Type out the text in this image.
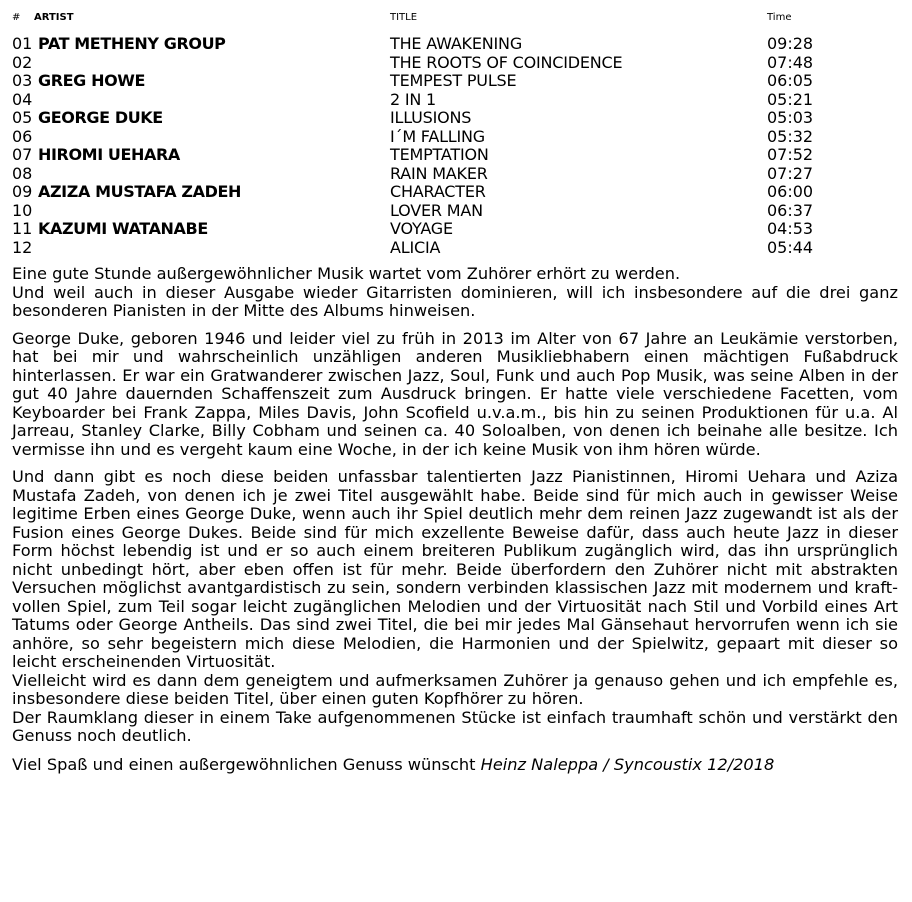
# ARTIST	TITLE	Time
01 PAT METHENY GROUP	THE AWAKENING	09:28
02	THE ROOTS OF COINCIDENCE	07:48
03 GREG HOWE	TEMPEST PULSE	06:05
04	2 IN 1	05:21
05 GEORGE DUKE	ILLUSIONS	05:03
06	I´M FALLING	05:32
07 HIROMI UEHARA	TEMPTATION	07:52
08	RAIN MAKER	07:27
09 AZIZA MUSTAFA ZADEH	CHARACTER	06:00
10	LOVER MAN	06:37
11 KAZUMI WATANABE	VOYAGE	04:53
12	ALICIA	05:44

Eine gute Stunde außergewöhnlicher Musik wartet vom Zuhörer erhört zu werden.
Und weil auch in dieser Ausgabe wieder Gitarristen dominieren, will ich insbesondere auf die drei ganz besonderen Pianisten in der Mitte des Albums hinweisen.

George Duke, geboren 1946 und leider viel zu früh in 2013 im Alter von 67 Jahre an Leukämie verstorben, hat bei mir und wahrscheinlich unzähligen anderen Musikliebhabern einen mächtigen Fußabdruck hinterlassen. Er war ein Gratwanderer zwischen Jazz, Soul, Funk und auch Pop Musik, was seine Alben in der gut 40 Jahre dauernden Schaffenszeit zum Ausdruck bringen. Er hatte viele verschiedene Facetten, vom Keyboarder bei Frank Zappa, Miles Davis, John Scofield u.v.a.m., bis hin zu seinen Produktionen für u.a. Al Jarreau, Stanley Clarke, Billy Cobham und seinen ca. 40 Soloalben, von denen ich beinahe alle besitze. Ich vermisse ihn und es vergeht kaum eine Woche, in der ich keine Musik von ihm hören würde.

Und dann gibt es noch diese beiden unfassbar talentierten Jazz Pianistinnen, Hiromi Uehara und Aziza Mustafa Zadeh, von denen ich je zwei Titel ausgewählt habe. Beide sind für mich auch in gewisser Weise legitime Erben eines George Duke, wenn auch ihr Spiel deutlich mehr dem reinen Jazz zugewandt ist als der Fusion eines George Dukes. Beide sind für mich exzellente Beweise dafür, dass auch heute Jazz in dieser Form höchst lebendig ist und er so auch einem breiteren Publikum zugänglich wird, das ihn ursprünglich nicht unbedingt hört, aber eben offen ist für mehr. Beide überfordern den Zuhörer nicht mit abstrakten Versuchen möglichst avantgardistisch zu sein, sondern verbinden klassischen Jazz mit modernem und kraftvollen Spiel, zum Teil sogar leicht zugänglichen Melodien und der Virtuosität nach Stil und Vorbild eines Art Tatums oder George Antheils. Das sind zwei Titel, die bei mir jedes Mal Gänsehaut hervorrufen wenn ich sie anhöre, so sehr begeistern mich diese Melodien, die Harmonien und der Spielwitz, gepaart mit dieser so leicht erscheinenden Virtuosität.
Vielleicht wird es dann dem geneigtem und aufmerksamen Zuhörer ja genauso gehen und ich empfehle es, insbesondere diese beiden Titel, über einen guten Kopfhörer zu hören.
Der Raumklang dieser in einem Take aufgenommenen Stücke ist einfach traumhaft schön und verstärkt den Genuss noch deutlich.

Viel Spaß und einen außergewöhnlichen Genuss wünscht Heinz Naleppa / Syncoustix 12/2018
